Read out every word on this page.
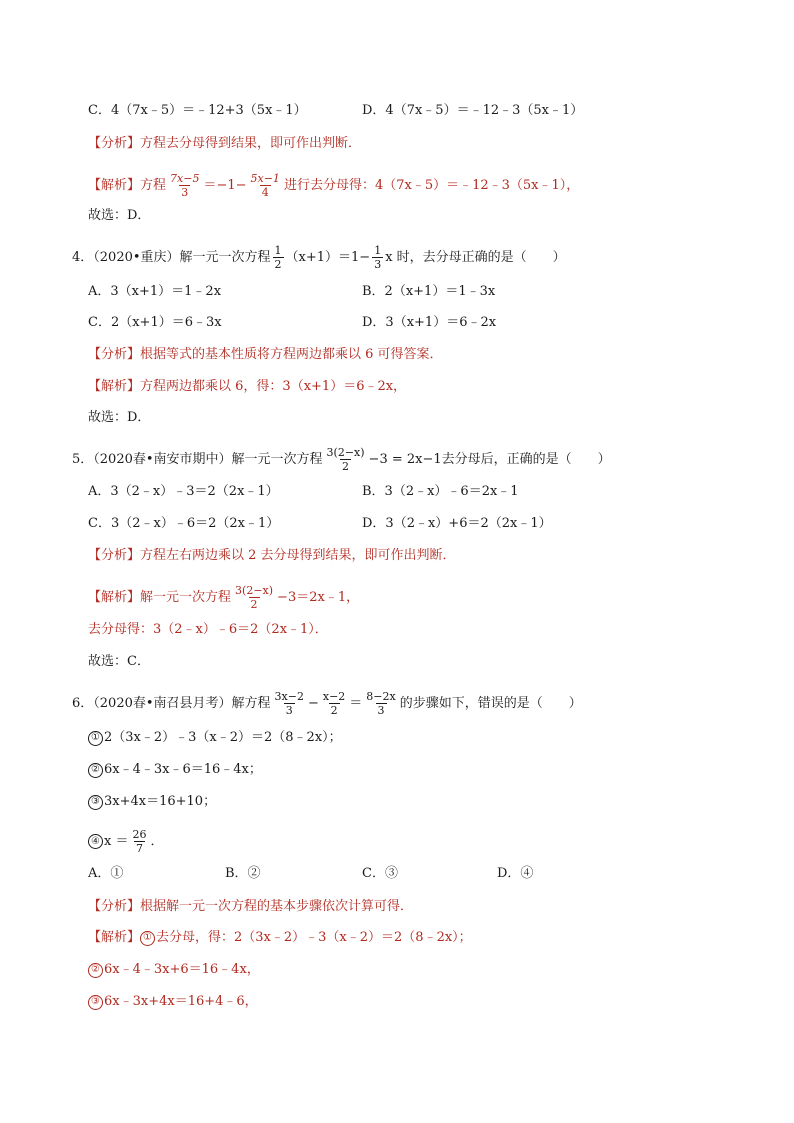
C．4（7x﹣5）＝﹣12+3（5x﹣1）	D．4（7x﹣5）＝﹣12﹣3（5x﹣1）
【分析】 方程去分母得到结果，即可作出判断．
【解析】 方程 $\frac{7x-5}{3} =-1- \frac{5x-1}{4}$ 进行去分母得： 4（7x﹣5）＝﹣12﹣3（5x﹣1），
故选：D．
4．（2020•重庆）解一元一次方程 $\frac{1}{2} (x+1)=1- \frac{1}{3}$ x 时，去分母正确的是（　　）
A．3（x+1）＝1﹣2x	B．2（x+1）＝1﹣3x
C．2（x+1）＝6﹣3x	D．3（x+1）＝6﹣2x
【分析】 根据等式的基本性质将方程两边都乘以 6 可得答案．
【解析】 方程两边都乘以 6，得： 3（x+1）＝6﹣2x，
故选：D．
5．（2020春•南安市期中）解一元一次方程 $\frac{3(2-x)}{2} -3 = 2x-1$去分母后，正确的是（　　）
A．3（2﹣x）﹣3＝2（2x﹣1）	B．3（2﹣x）﹣6＝2x﹣1
C．3（2﹣x）﹣6＝2（2x﹣1）	D．3（2﹣x）+6＝2（2x﹣1）
【分析】 方程左右两边乘以 2 去分母得到结果，即可作出判断．
【解析】 解一元一次方程 $\frac{3(2-x)}{2}$ −3＝2x﹣1，
去分母得： 3（2﹣x）﹣6＝2（2x﹣1）．
故选：C．
6．（2020春•南召县月考）解方程 $\frac{3x-2}{3} - \frac{x-2}{2} = \frac{8-2x}{3}$ 的步骤如下，错误的是（　　）
① 2（3x﹣2）﹣3（x﹣2）＝2（8﹣2x）；
② 6x﹣4﹣3x﹣6＝16﹣4x；
③ 3x+4x＝16+10；
④ $x = \frac{26}{7}$ ．
A．①	B．②	C．③	D．④
【分析】 根据解一元一次方程的基本步骤依次计算可得．
【解析】 ① 去分母，得：2（3x﹣2）﹣3（x﹣2）＝2（8﹣2x）；
② 6x﹣4﹣3x+6＝16﹣4x，
③ 6x﹣3x+4x＝16+4﹣6，
